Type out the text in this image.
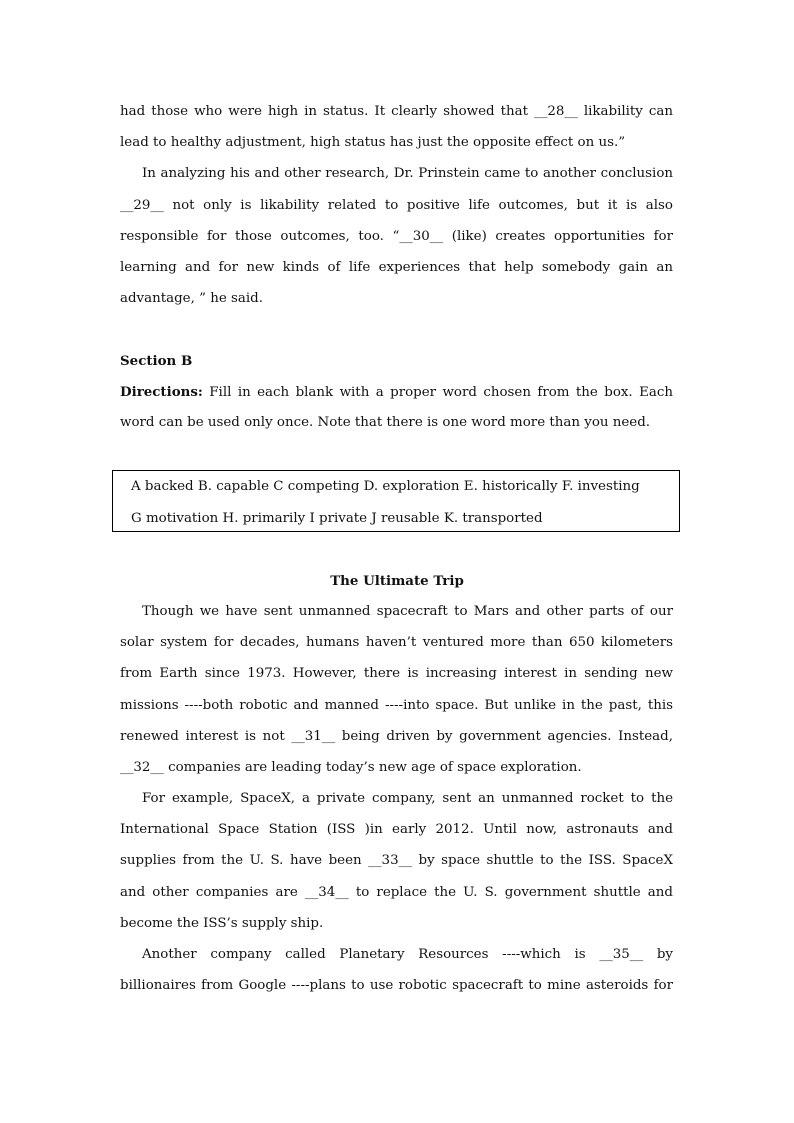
had those who were high in status. It clearly showed that __28__ likability can
lead to healthy adjustment, high status has just the opposite effect on us.”
In analyzing his and other research, Dr. Prinstein came to another conclusion
__29__ not only is likability related to positive life outcomes, but it is also
responsible for those outcomes, too. “__30__ (like) creates opportunities for
learning and for new kinds of life experiences that help somebody gain an
advantage, ” he said.
Section B
Directions: Fill in each blank with a proper word chosen from the box. Each
word can be used only once. Note that there is one word more than you need.
A backed B. capable C competing D. exploration E. historically F. investing
G motivation H. primarily I private J reusable K. transported
The Ultimate Trip
Though we have sent unmanned spacecraft to Mars and other parts of our
solar system for decades, humans haven’t ventured more than 650 kilometers
from Earth since 1973. However, there is increasing interest in sending new
missions ----both robotic and manned ----into space. But unlike in the past, this
renewed interest is not __31__ being driven by government agencies. Instead,
__32__ companies are leading today’s new age of space exploration.
For example, SpaceX, a private company, sent an unmanned rocket to the
International Space Station (ISS )in early 2012. Until now, astronauts and
supplies from the U. S. have been __33__ by space shuttle to the ISS. SpaceX
and other companies are __34__ to replace the U. S. government shuttle and
become the ISS’s supply ship.
Another company called Planetary Resources ----which is __35__ by
billionaires from Google ----plans to use robotic spacecraft to mine asteroids for
